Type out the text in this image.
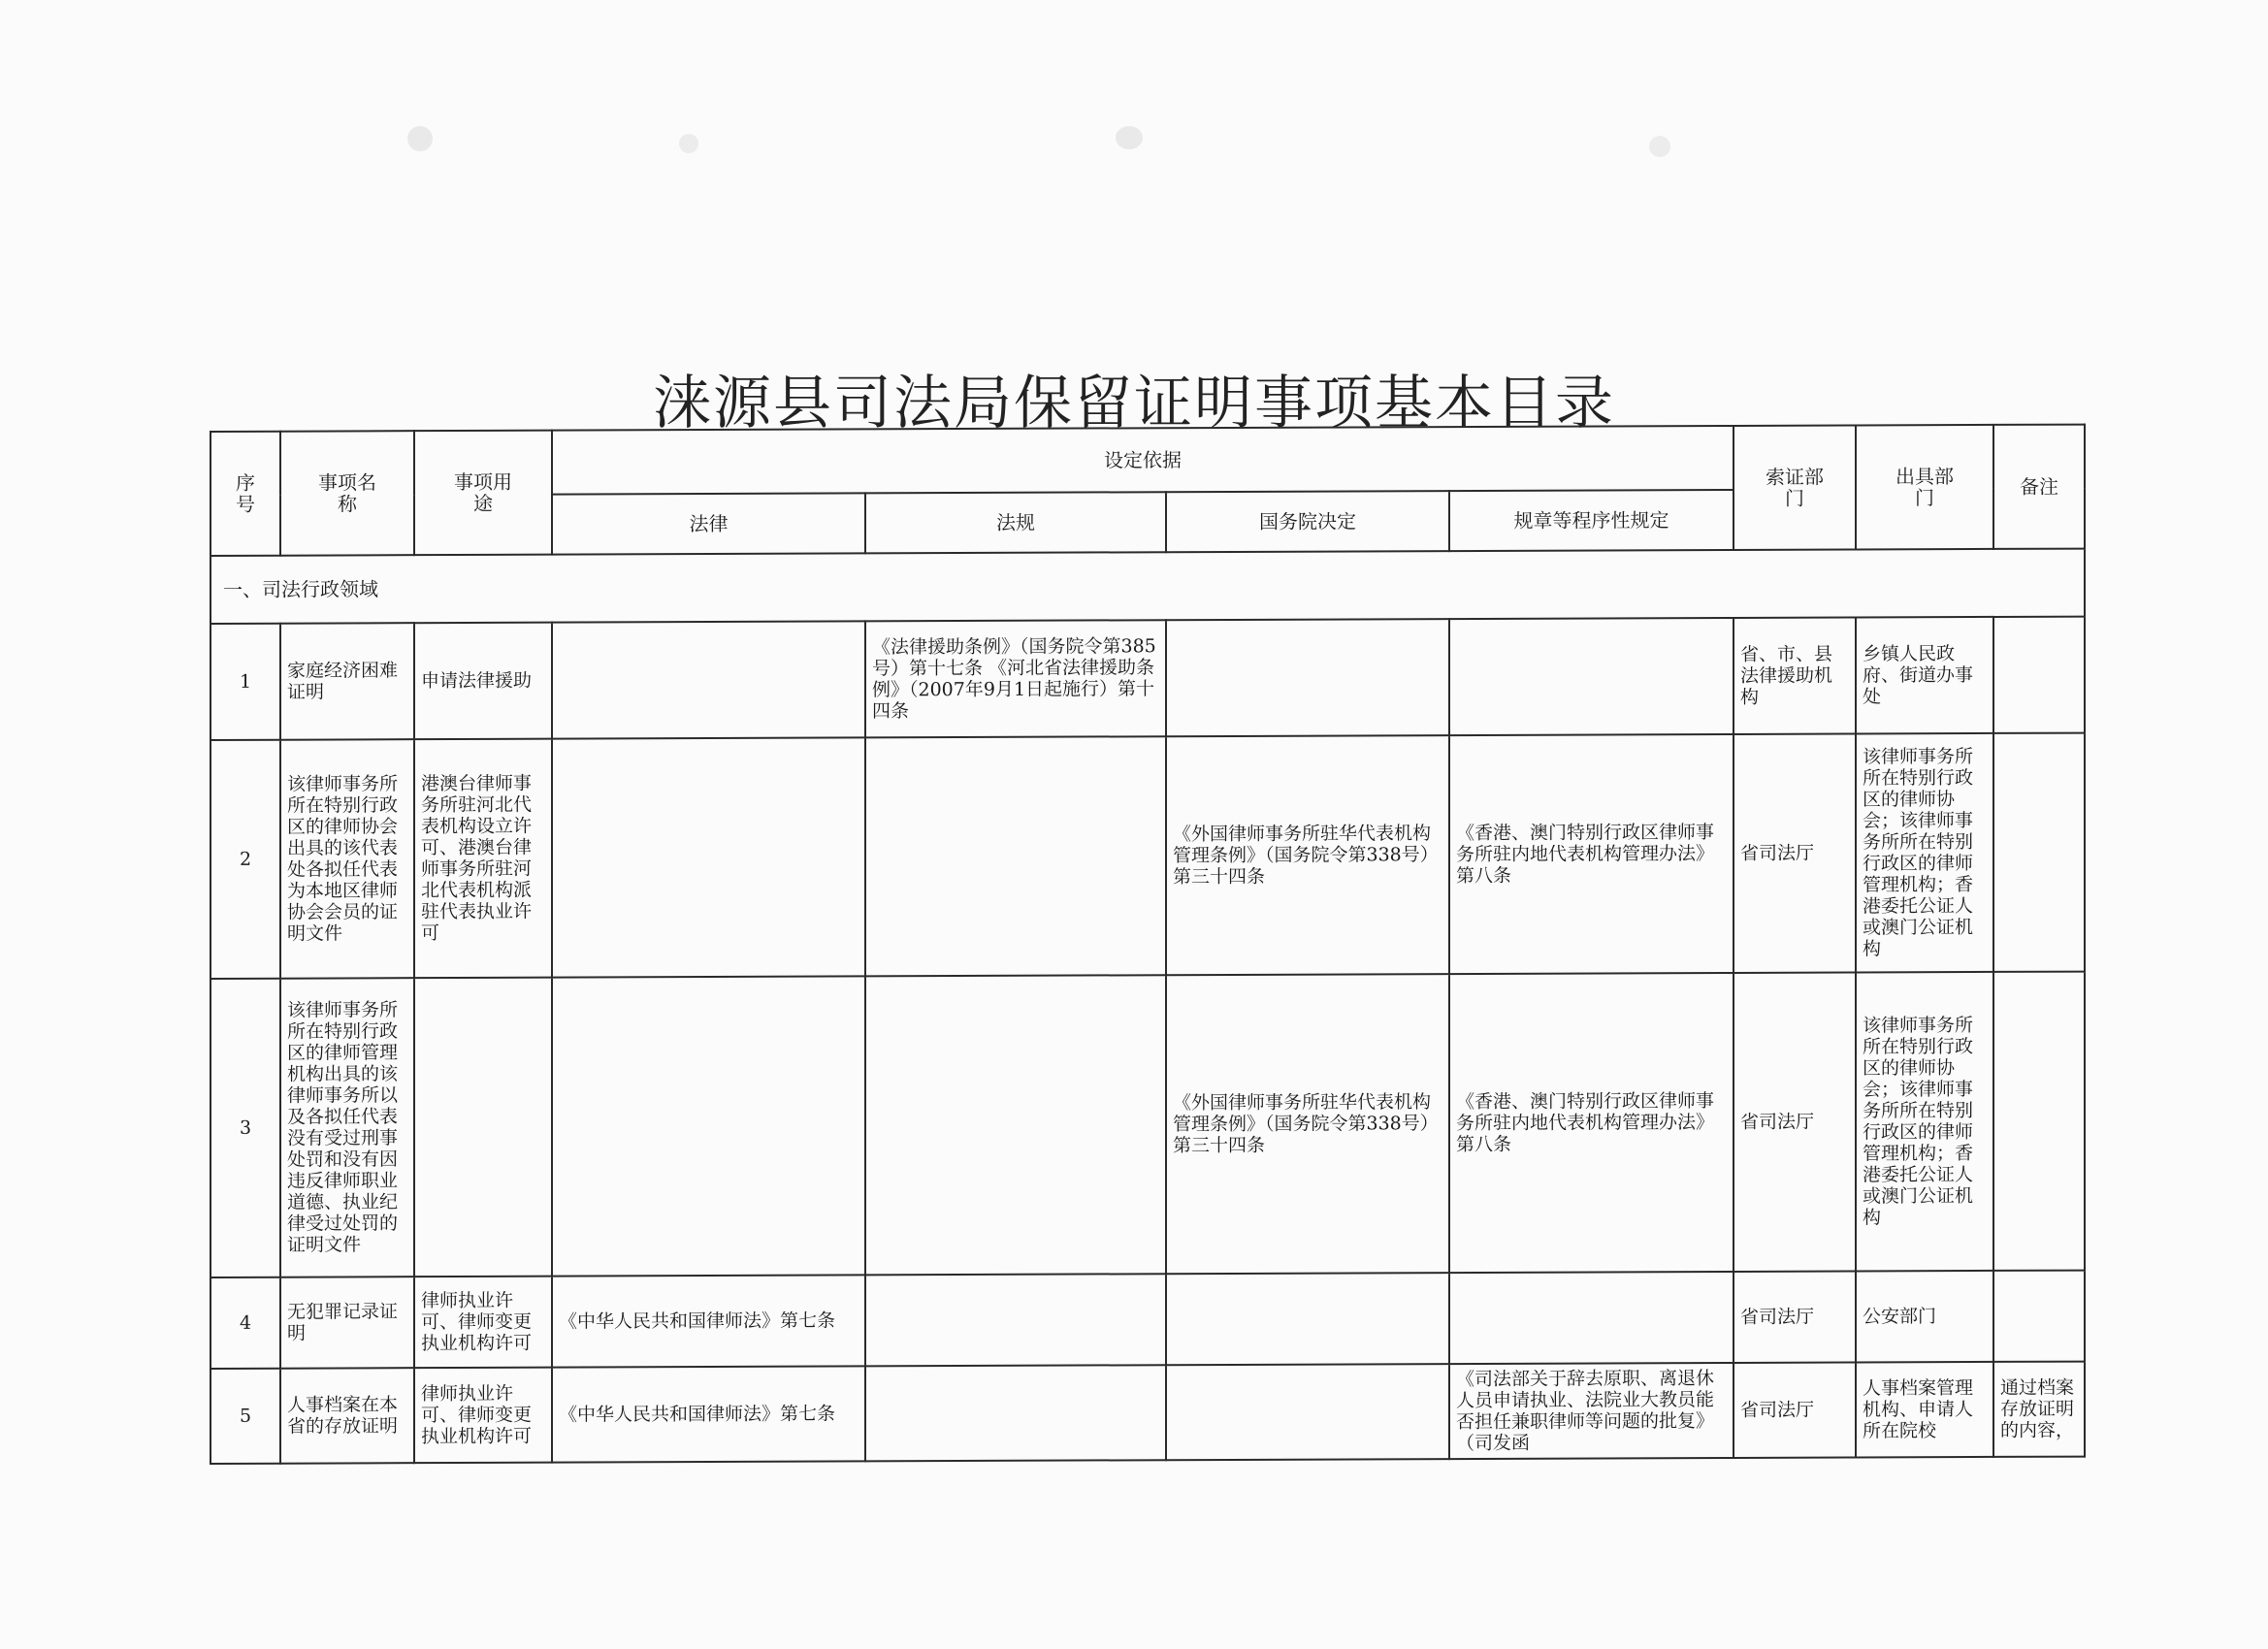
涞源县司法局保留证明事项基本目录
序号	事项名称	事项用途	设定依据				索证部门	出具部门	备注
			法律	法规	国务院决定	规章等程序性规定			
一、司法行政领域									
1	家庭经济困难证明	申请法律援助		《法律援助条例》（国务院令第385号）第十七条 《河北省法律援助条例》（2007年9月1日起施行）第十四条			省、市、县法律援助机构	乡镇人民政府、街道办事处	
2	该律师事务所所在特别行政区的律师协会出具的该代表处各拟任代表为本地区律师协会会员的证明文件	港澳台律师事务所驻河北代表机构设立许可、港澳台律师事务所驻河北代表机构派驻代表执业许可			《外国律师事务所驻华代表机构管理条例》（国务院令第338号）第三十四条	《香港、澳门特别行政区律师事务所驻内地代表机构管理办法》第八条	省司法厅	该律师事务所所在特别行政区的律师协会；该律师事务所所在特别行政区的律师管理机构；香港委托公证人或澳门公证机构	
3	该律师事务所所在特别行政区的律师管理机构出具的该律师事务所以及各拟任代表没有受过刑事处罚和没有因违反律师职业道德、执业纪律受过处罚的证明文件				《外国律师事务所驻华代表机构管理条例》（国务院令第338号）第三十四条	《香港、澳门特别行政区律师事务所驻内地代表机构管理办法》第八条	省司法厅	该律师事务所所在特别行政区的律师协会；该律师事务所所在特别行政区的律师管理机构；香港委托公证人或澳门公证机构	
4	无犯罪记录证明	律师执业许可、律师变更执业机构许可	《中华人民共和国律师法》第七条				省司法厅	公安部门	
5	人事档案在本省的存放证明	律师执业许可、律师变更执业机构许可	《中华人民共和国律师法》第七条			《司法部关于辞去原职、离退休人员申请执业、法院业大教员能否担任兼职律师等问题的批复》（司发函	省司法厅	人事档案管理机构、申请人所在院校	通过档案存放证明的内容，
